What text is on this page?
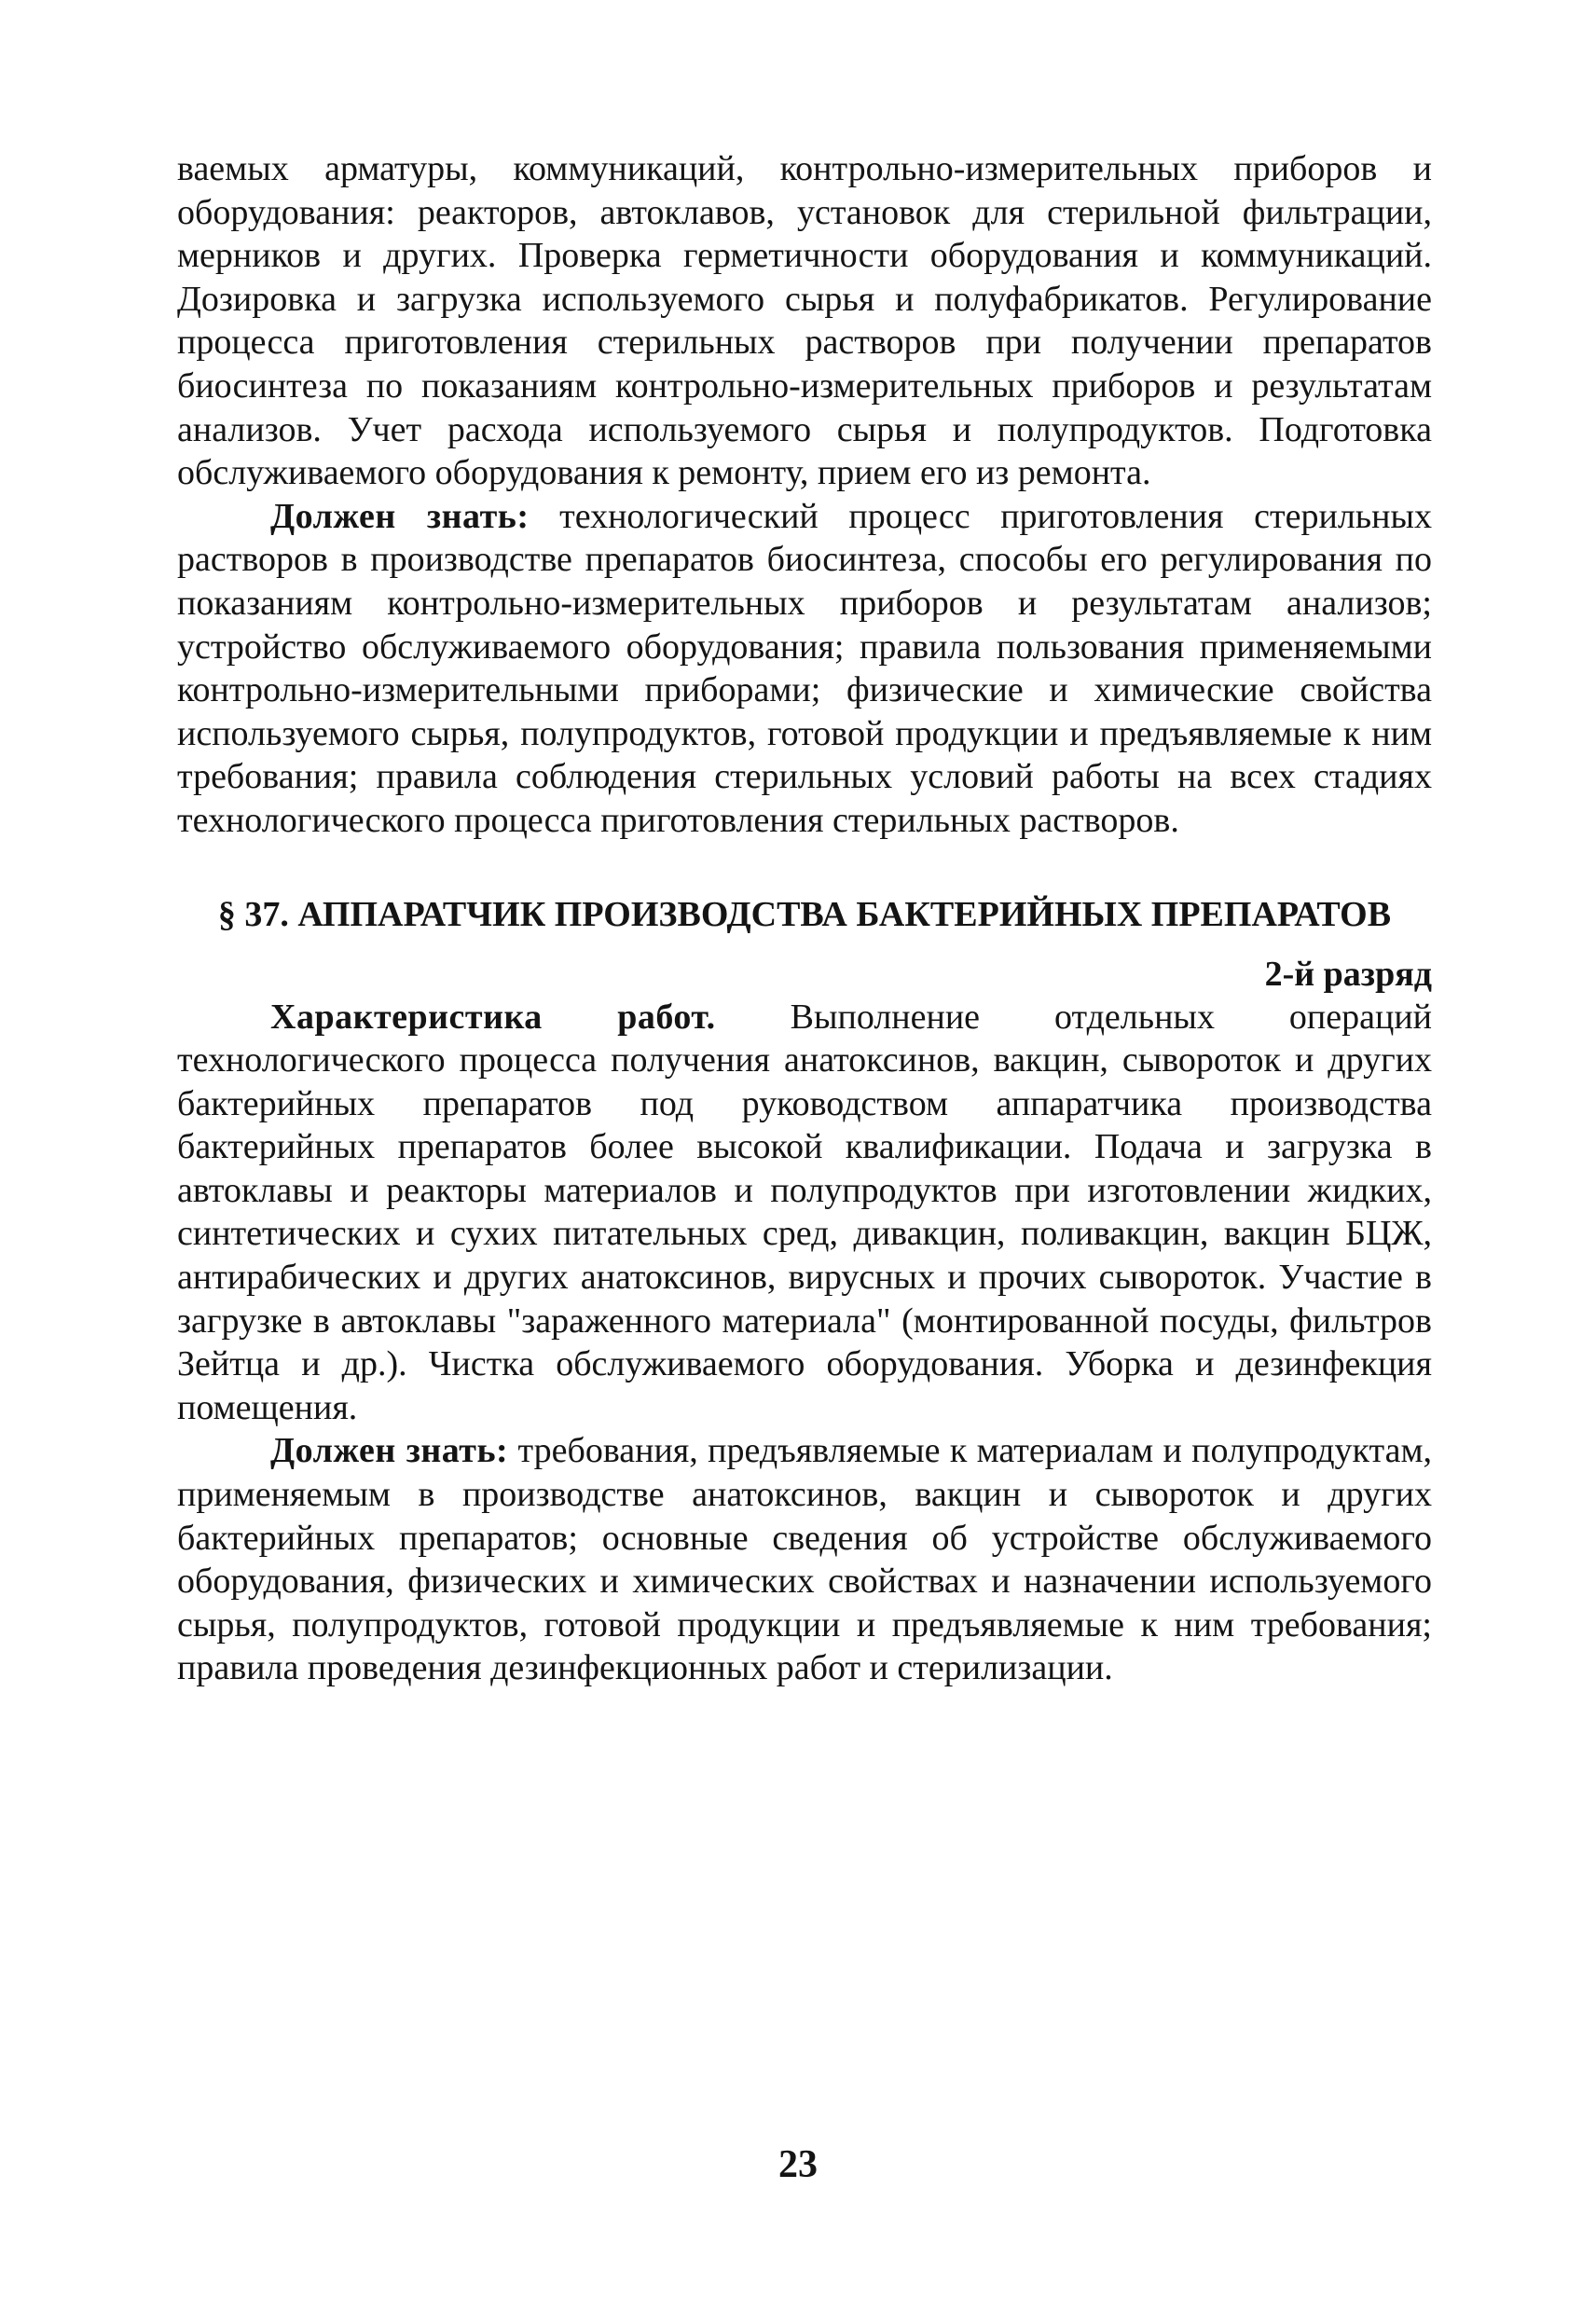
ваемых арматуры, коммуникаций, контрольно-измерительных приборов и оборудования: реакторов, автоклавов, установок для стерильной фильтрации, мерников и других. Проверка герметичности оборудования и коммуникаций. Дозировка и загрузка используемого сырья и полуфабрикатов. Регулирование процесса приготовления стерильных растворов при получении препаратов биосинтеза по показаниям контрольно-измерительных приборов и результатам анализов. Учет расхода используемого сырья и полупродуктов. Подготовка обслуживаемого оборудования к ремонту, прием его из ремонта.

Должен знать: технологический процесс приготовления стерильных растворов в производстве препаратов биосинтеза, способы его регулирования по показаниям контрольно-измерительных приборов и результатам анализов; устройство обслуживаемого оборудования; правила пользования применяемыми контрольно-измерительными приборами; физические и химические свойства используемого сырья, полупродуктов, готовой продукции и предъявляемые к ним требования; правила соблюдения стерильных условий работы на всех стадиях технологического процесса приготовления стерильных растворов.

§ 37. АППАРАТЧИК ПРОИЗВОДСТВА БАКТЕРИЙНЫХ ПРЕПАРАТОВ
2-й разряд

Характеристика работ. Выполнение отдельных операций технологического процесса получения анатоксинов, вакцин, сывороток и других бактерийных препаратов под руководством аппаратчика производства бактерийных препаратов более высокой квалификации. Подача и загрузка в автоклавы и реакторы материалов и полупродуктов при изготовлении жидких, синтетических и сухих питательных сред, дивакцин, поливакцин, вакцин БЦЖ, антирабических и других анатоксинов, вирусных и прочих сывороток. Участие в загрузке в автоклавы "зараженного материала" (монтированной посуды, фильтров Зейтца и др.). Чистка обслуживаемого оборудования. Уборка и дезинфекция помещения.

Должен знать: требования, предъявляемые к материалам и полупродуктам, применяемым в производстве анатоксинов, вакцин и сывороток и других бактерийных препаратов; основные сведения об устройстве обслуживаемого оборудования, физических и химических свойствах и назначении используемого сырья, полупродуктов, готовой продукции и предъявляемые к ним требования; правила проведения дезинфекционных работ и стерилизации.

23
